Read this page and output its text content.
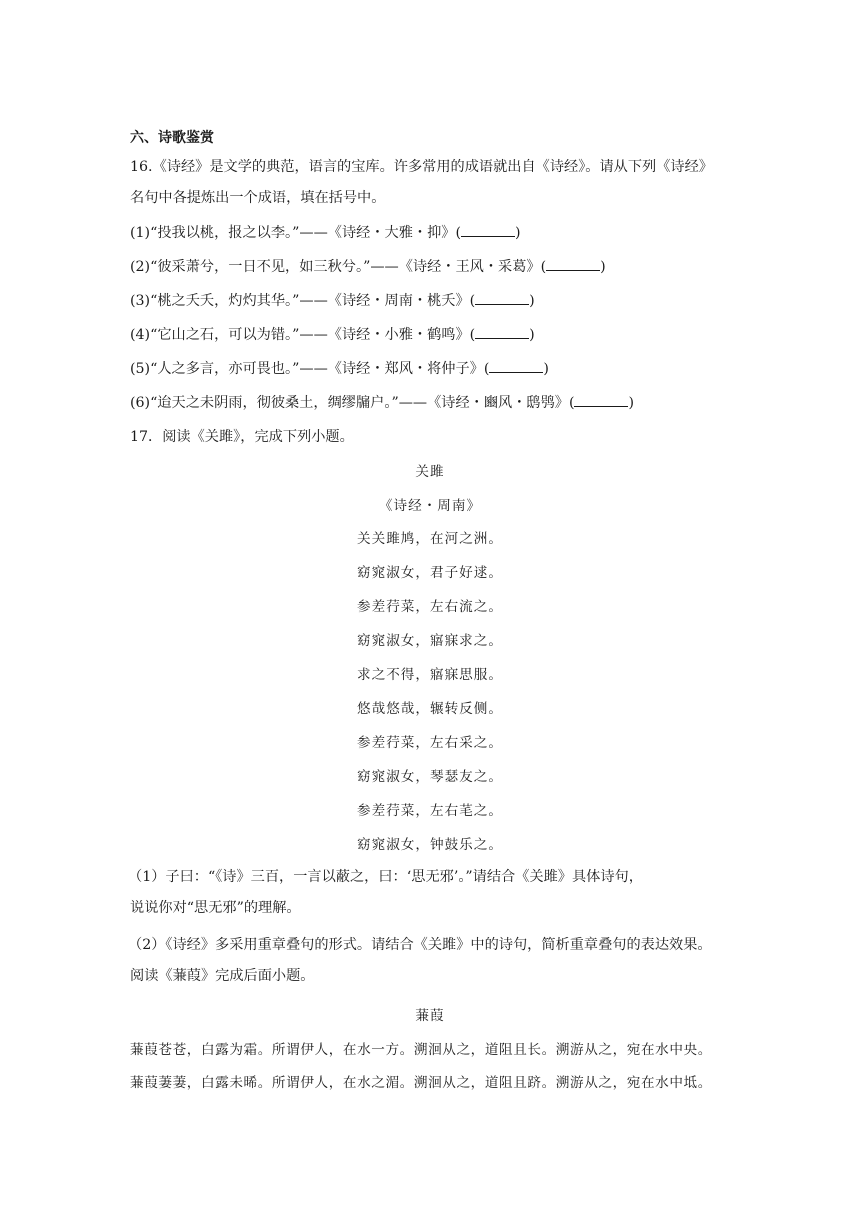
六、诗歌鉴赏
16.《诗经》是文学的典范，语言的宝库。许多常用的成语就出自《诗经》。请从下列《诗经》
名句中各提炼出一个成语，填在括号中。
(1)“投我以桃，报之以李。”——《诗经・大雅・抑》(	)
(2)“彼采萧兮，一日不见，如三秋兮。”——《诗经・王风・采葛》(	)
(3)“桃之夭夭，灼灼其华。”——《诗经・周南・桃夭》(	)
(4)“它山之石，可以为错。”——《诗经・小雅・鹤鸣》(	)
(5)“人之多言，亦可畏也。”——《诗经・郑风・将仲子》(	)
(6)“迨天之未阴雨，彻彼桑土，绸缪牖户。”——《诗经・豳风・鸱鸮》(	)
17．阅读《关雎》，完成下列小题。
关雎
《诗经・周南》
关关雎鸠，在河之洲。
窈窕淑女，君子好逑。
参差荇菜，左右流之。
窈窕淑女，寤寐求之。
求之不得，寤寐思服。
悠哉悠哉，辗转反侧。
参差荇菜，左右采之。
窈窕淑女，琴瑟友之。
参差荇菜，左右芼之。
窈窕淑女，钟鼓乐之。
（1）子曰：“《诗》三百，一言以蔽之，曰：‘思无邪’。”请结合《关雎》具体诗句，
说说你对“思无邪”的理解。
（2）《诗经》多采用重章叠句的形式。请结合《关雎》中的诗句，简析重章叠句的表达效果。
阅读《蒹葭》完成后面小题。
蒹葭
蒹葭苍苍，白露为霜。所谓伊人，在水一方。溯洄从之，道阻且长。溯游从之，宛在水中央。
蒹葭萋萋，白露未晞。所谓伊人，在水之湄。溯洄从之，道阻且跻。溯游从之，宛在水中坻。
